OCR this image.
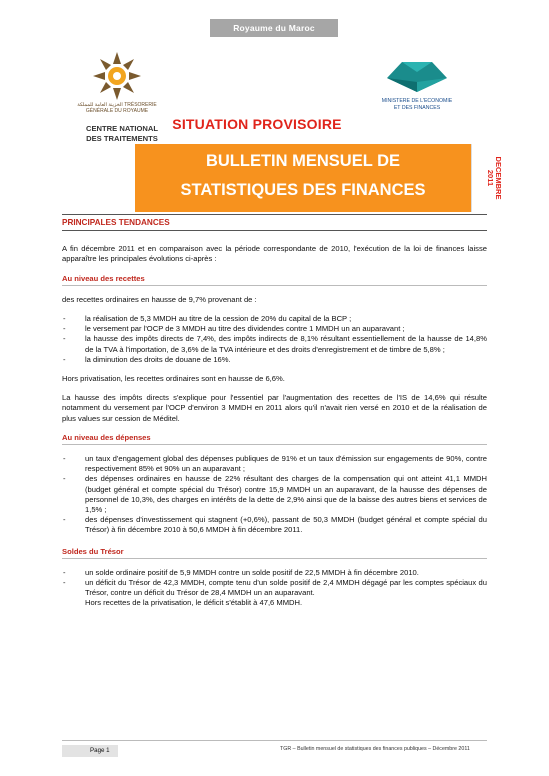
Royaume du Maroc
الخزينة العامة للمملكة TRÉSORERIE GÉNÉRALE DU ROYAUME
MINISTERE DE L'ECONOMIE
ET DES FINANCES
CENTRE NATIONAL
DES TRAITEMENTS
SITUATION PROVISOIRE
BULLETIN MENSUEL DE
STATISTIQUES DES FINANCES PUBLIQUES
DECEMBRE
2011
PRINCIPALES TENDANCES

A fin décembre 2011 et en comparaison avec la période correspondante de 2010, l'exécution de la loi de finances laisse apparaître les principales évolutions ci-après :

Au niveau des recettes

des recettes ordinaires en hausse de 9,7% provenant de :

- la réalisation de 5,3 MMDH au titre de la cession de 20% du capital de la BCP ;
- le versement par l'OCP de 3 MMDH au titre des dividendes contre 1 MMDH un an auparavant ;
- la hausse des impôts directs de 7,4%, des impôts indirects de 8,1% résultant essentiellement de la hausse de 14,8% de la TVA à l'importation, de 3,6% de la TVA intérieure et des droits d'enregistrement et de timbre de 5,8% ;
- la diminution des droits de douane de 16%.

Hors privatisation, les recettes ordinaires sont en hausse de 6,6%.

La hausse des impôts directs s'explique pour l'essentiel par l'augmentation des recettes de l'IS de 14,6% qui résulte notamment du versement par l'OCP d'environ 3 MMDH en 2011 alors qu'il n'avait rien versé en 2010 et de la réalisation de plus values sur cession de Méditel.

Au niveau des dépenses

- un taux d'engagement global des dépenses publiques de 91% et un taux d'émission sur engagements de 90%, contre respectivement 85% et 90% un an auparavant ;
- des dépenses ordinaires en hausse de 22% résultant des charges de la compensation qui ont atteint 41,1 MMDH (budget général et compte spécial du Trésor) contre 15,9 MMDH un an auparavant, de la hausse des dépenses de personnel de 10,3%, des charges en intérêts de la dette de 2,9% ainsi que de la baisse des autres biens et services de 1,5% ;
- des dépenses d'investissement qui stagnent (+0,6%), passant de 50,3 MMDH (budget général et compte spécial du Trésor) à fin décembre 2010 à 50,6 MMDH à fin décembre 2011.

Soldes du Trésor

- un solde ordinaire positif de 5,9 MMDH contre un solde positif de 22,5 MMDH à fin décembre 2010.
- un déficit du Trésor de 42,3 MMDH, compte tenu d'un solde positif de 2,4 MMDH dégagé par les comptes spéciaux du Trésor, contre un déficit du Trésor de 28,4 MMDH un an auparavant.

Hors recettes de la privatisation, le déficit s'établit à 47,6 MMDH.

Page 1	TGR – Bulletin mensuel de statistiques des finances publiques – Décembre 2011
